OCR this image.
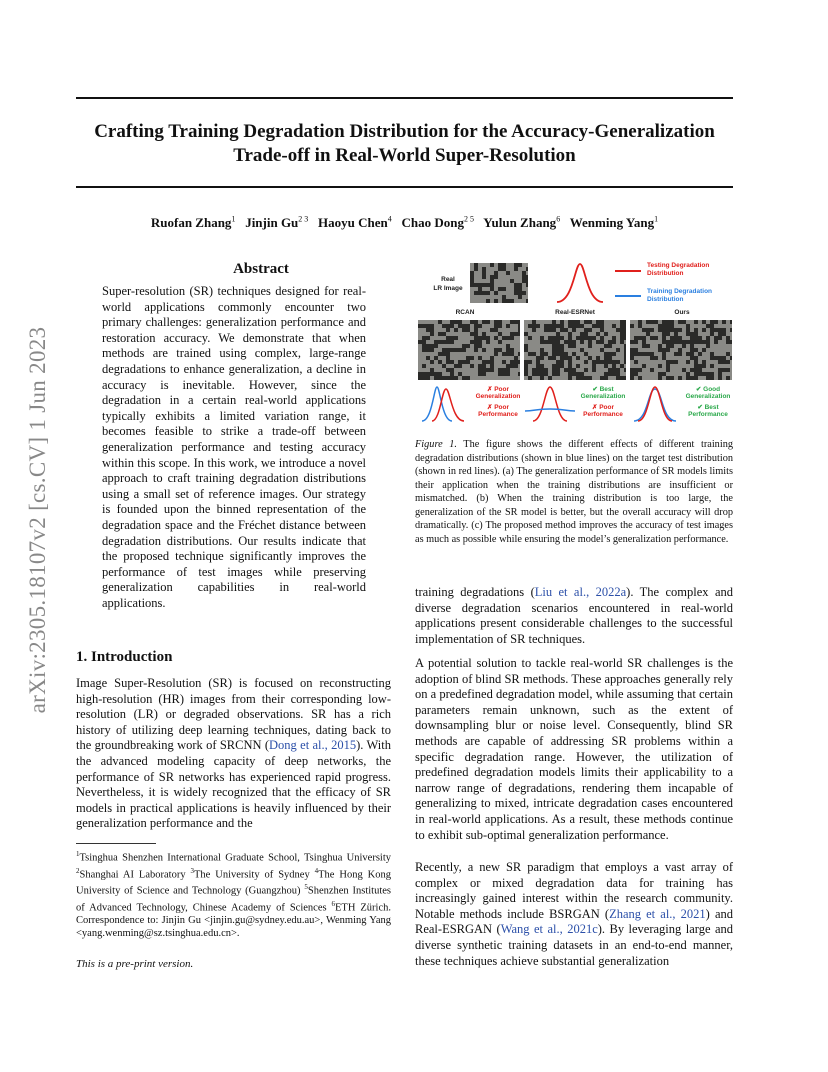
Crafting Training Degradation Distribution for the Accuracy-Generalization
Trade-off in Real-World Super-Resolution
Ruofan Zhang$^1$ Jinjin $Gu^{2 3}$ Haoyu Chen$^4$ Chao Dong$^{2 5}$ Yulun Zhang$^6$ Wenming Yang$^1$
arXiv:2305.18107v2 [cs.CV] 1 Jun 2023
Abstract
Super-resolution (SR) techniques designed for real-world applications commonly encounter two primary challenges: generalization performance and restoration accuracy. We demonstrate that when methods are trained using complex, large-range degradations to enhance generalization, a decline in accuracy is inevitable. However, since the degradation in a certain real-world applications typically exhibits a limited variation range, it becomes feasible to strike a trade-off between generalization performance and testing accuracy within this scope. In this work, we introduce a novel approach to craft training degradation distributions using a small set of reference images. Our strategy is founded upon the binned representation of the degradation space and the Fréchet distance between degradation distributions. Our results indicate that the proposed technique significantly improves the performance of test images while preserving generalization capabilities in real-world applications.
1. Introduction
Image Super-Resolution (SR) is focused on reconstructing high-resolution (HR) images from their corresponding low-resolution (LR) or degraded observations. SR has a rich history of utilizing deep learning techniques, dating back to the groundbreaking work of SRCNN (Dong et al., 2015). With the advanced modeling capacity of deep networks, the performance of SR networks has experienced rapid progress. Nevertheless, it is widely recognized that the efficacy of SR models in practical applications is heavily influenced by their generalization performance and the
$^1$Tsinghua Shenzhen International Graduate School, Tsinghua University $^2$Shanghai AI Laboratory $^3$The University of Sydney $^4$The Hong Kong University of Science and Technology (Guangzhou) $^5$Shenzhen Institutes of Advanced Technology, Chinese Academy of Sciences $^6$ETH Zürich. Correspondence to: Jinjin Gu <jinjin.gu@sydney.edu.au>, Wenming Yang <yang.wenming@sz.tsinghua.edu.cn>.
This is a pre-print version.
Real
LR Image
Testing Degradation
Distribution
Training Degradation
Distribution
RCAN	Real-ESRNet	Ours
✗ Poor
Generalization
✗ Poor
Performance
✔ Best
Generalization
✗ Poor
Performance
✔ Good
Generalization
✔ Best
Performance
Figure 1. The figure shows the different effects of different training degradation distributions (shown in blue lines) on the target test distribution (shown in red lines). (a) The generalization performance of SR models limits their application when the training distributions are insufficient or mismatched. (b) When the training distribution is too large, the generalization of the SR model is better, but the overall accuracy will drop dramatically. (c) The proposed method improves the accuracy of test images as much as possible while ensuring the model’s generalization performance.
training degradations (Liu et al., 2022a). The complex and diverse degradation scenarios encountered in real-world applications present considerable challenges to the successful implementation of SR techniques.
A potential solution to tackle real-world SR challenges is the adoption of blind SR methods. These approaches generally rely on a predefined degradation model, while assuming that certain parameters remain unknown, such as the extent of downsampling blur or noise level. Consequently, blind SR methods are capable of addressing SR problems within a specific degradation range. However, the utilization of predefined degradation models limits their applicability to a narrow range of degradations, rendering them incapable of generalizing to mixed, intricate degradation cases encountered in real-world applications. As a result, these methods continue to exhibit sub-optimal generalization performance.
Recently, a new SR paradigm that employs a vast array of complex or mixed degradation data for training has increasingly gained interest within the research community. Notable methods include BSRGAN (Zhang et al., 2021) and Real-ESRGAN (Wang et al., 2021c). By leveraging large and diverse synthetic training datasets in an end-to-end manner, these techniques achieve substantial generalization
